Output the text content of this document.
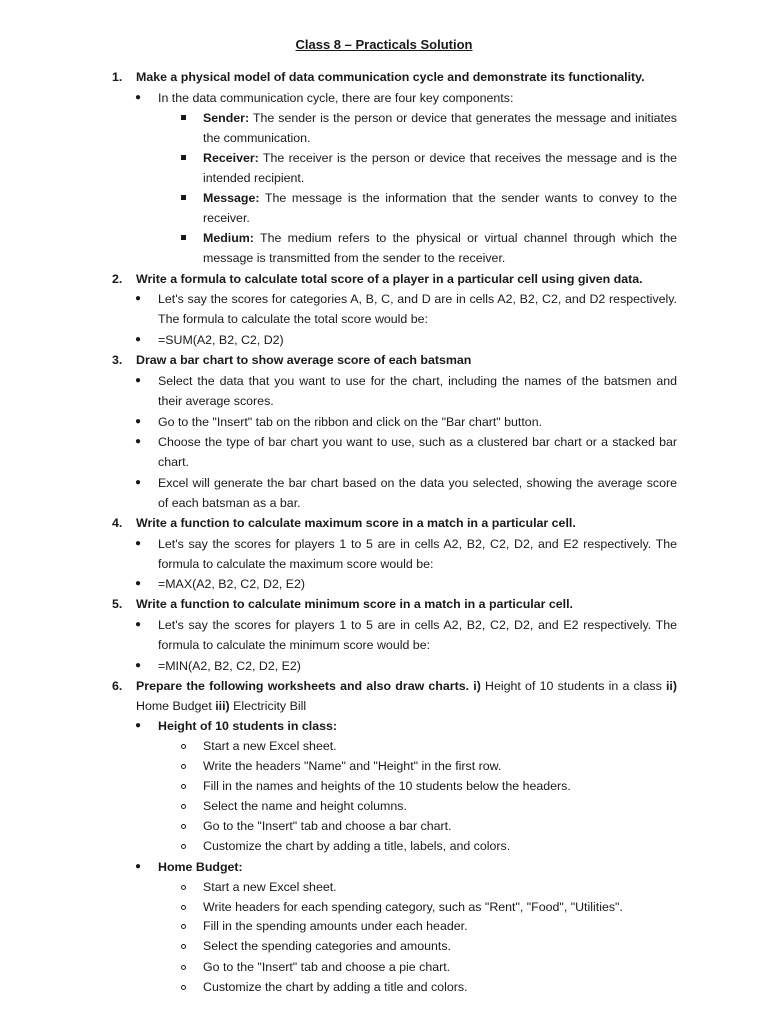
Class 8 – Practicals Solution
1. Make a physical model of data communication cycle and demonstrate its functionality.
● In the data communication cycle, there are four key components:
Sender: The sender is the person or device that generates the message and initiates
the communication.
Receiver: The receiver is the person or device that receives the message and is the
intended recipient.
Message: The message is the information that the sender wants to convey to the
receiver.
Medium: The medium refers to the physical or virtual channel through which the
message is transmitted from the sender to the receiver.
2. Write a formula to calculate total score of a player in a particular cell using given data.
● Let's say the scores for categories A, B, C, and D are in cells A2, B2, C2, and D2 respectively.
The formula to calculate the total score would be:
● =SUM(A2, B2, C2, D2)
3. Draw a bar chart to show average score of each batsman
● Select the data that you want to use for the chart, including the names of the batsmen and
their average scores.
● Go to the "Insert" tab on the ribbon and click on the "Bar chart" button.
● Choose the type of bar chart you want to use, such as a clustered bar chart or a stacked bar
chart.
● Excel will generate the bar chart based on the data you selected, showing the average score
of each batsman as a bar.
4. Write a function to calculate maximum score in a match in a particular cell.
● Let's say the scores for players 1 to 5 are in cells A2, B2, C2, D2, and E2 respectively. The
formula to calculate the maximum score would be:
● =MAX(A2, B2, C2, D2, E2)
5. Write a function to calculate minimum score in a match in a particular cell.
● Let's say the scores for players 1 to 5 are in cells A2, B2, C2, D2, and E2 respectively. The
formula to calculate the minimum score would be:
● =MIN(A2, B2, C2, D2, E2)
6. Prepare the following worksheets and also draw charts. i) Height of 10 students in a class ii)
Home Budget iii) Electricity Bill
● Height of 10 students in class:
Start a new Excel sheet.
Write the headers "Name" and "Height" in the first row.
Fill in the names and heights of the 10 students below the headers.
Select the name and height columns.
Go to the "Insert" tab and choose a bar chart.
Customize the chart by adding a title, labels, and colors.
● Home Budget:
Start a new Excel sheet.
Write headers for each spending category, such as "Rent", "Food", "Utilities".
Fill in the spending amounts under each header.
Select the spending categories and amounts.
Go to the "Insert" tab and choose a pie chart.
Customize the chart by adding a title and colors.
